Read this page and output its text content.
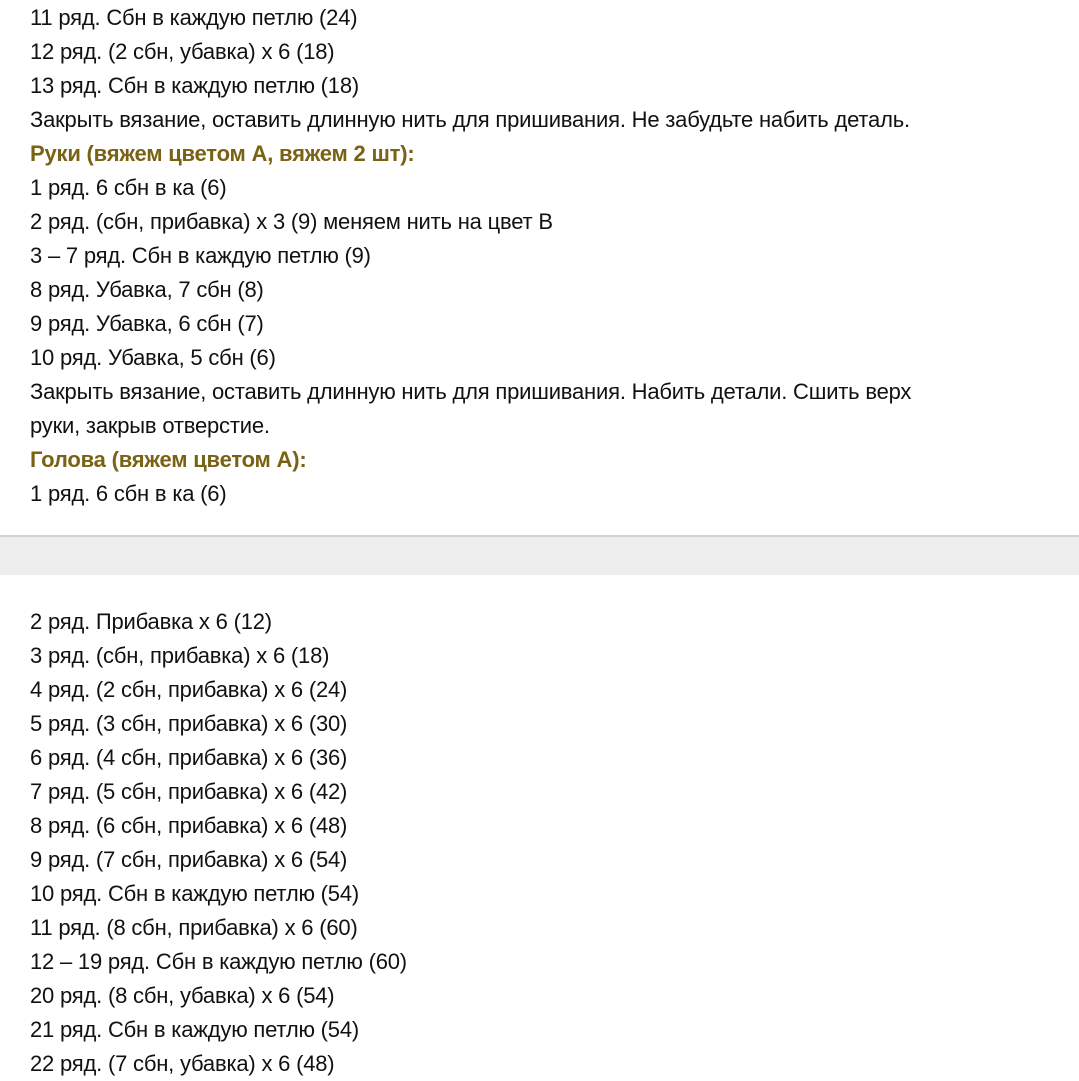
11 ряд. Сбн в каждую петлю (24)
12 ряд. (2 сбн, убавка) х 6 (18)
13 ряд. Сбн в каждую петлю (18)
Закрыть вязание, оставить длинную нить для пришивания. Не забудьте набить деталь.
Руки (вяжем цветом А, вяжем 2 шт):
1 ряд. 6 сбн в ка (6)
2 ряд. (сбн, прибавка) х 3 (9) меняем нить на цвет В
3 – 7 ряд. Сбн в каждую петлю (9)
8 ряд. Убавка, 7 сбн (8)
9 ряд. Убавка, 6 сбн (7)
10 ряд. Убавка, 5 сбн (6)
Закрыть вязание, оставить длинную нить для пришивания. Набить детали. Сшить верх
руки, закрыв отверстие.
Голова (вяжем цветом А):
1 ряд. 6 сбн в ка (6)
2 ряд. Прибавка х 6 (12)
3 ряд. (сбн, прибавка) х 6 (18)
4 ряд. (2 сбн, прибавка) х 6 (24)
5 ряд. (3 сбн, прибавка) х 6 (30)
6 ряд. (4 сбн, прибавка) х 6 (36)
7 ряд. (5 сбн, прибавка) х 6 (42)
8 ряд. (6 сбн, прибавка) х 6 (48)
9 ряд. (7 сбн, прибавка) х 6 (54)
10 ряд. Сбн в каждую петлю (54)
11 ряд. (8 сбн, прибавка) х 6 (60)
12 – 19 ряд. Сбн в каждую петлю (60)
20 ряд. (8 сбн, убавка) х 6 (54)
21 ряд. Сбн в каждую петлю (54)
22 ряд. (7 сбн, убавка) х 6 (48)
